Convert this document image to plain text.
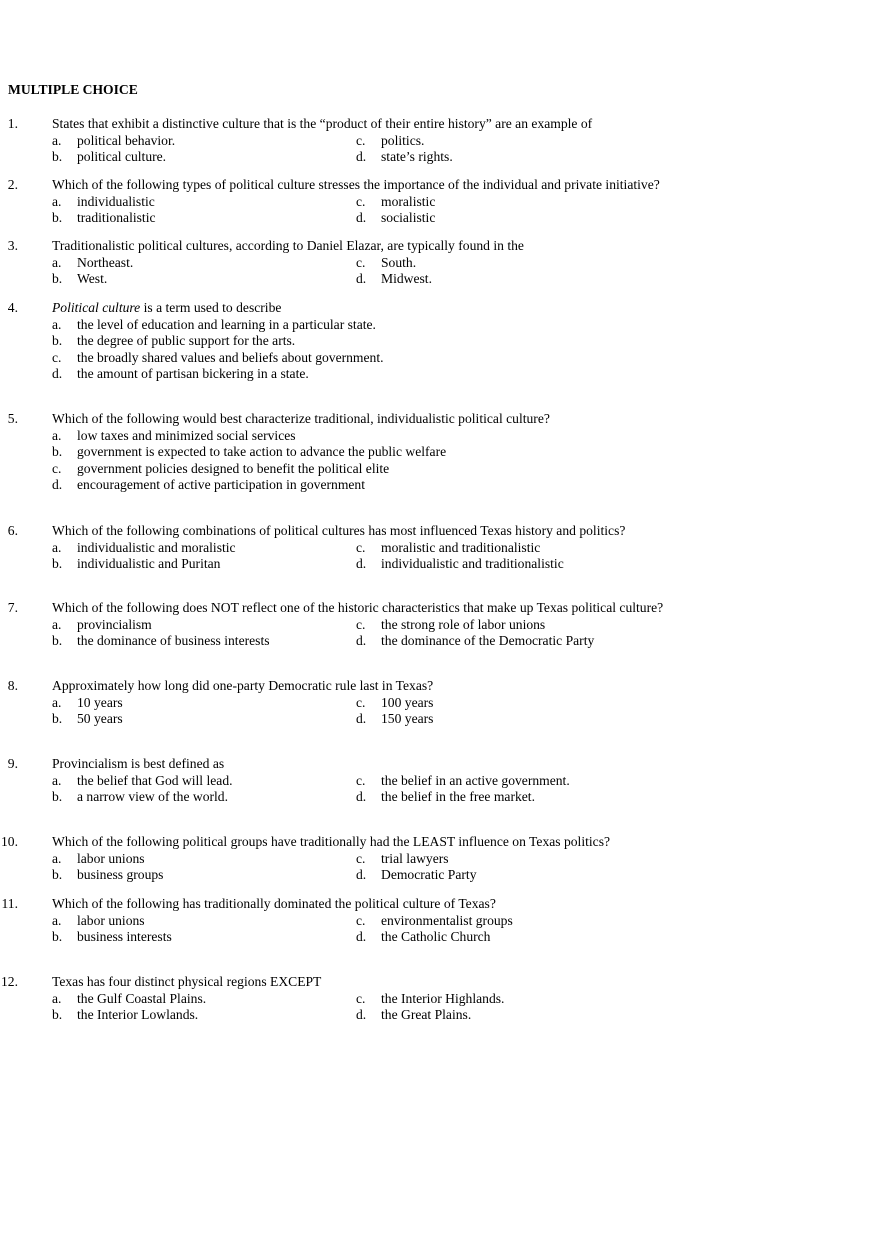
MULTIPLE CHOICE
1.	States that exhibit a distinctive culture that is the “product of their entire history” are an example of
a.	political behavior.	c.	politics.
b. political culture.	d. state’s rights.
2.	Which of the following types of political culture stresses the importance of the individual and private initiative?
a.	individualistic	c.	moralistic
b. traditionalistic	d. socialistic
3.	Traditionalistic political cultures, according to Daniel Elazar, are typically found in the
a.	Northeast.	c.	South.
b. West.	d. Midwest.
4.	Political culture is a term used to describe
a.	the level of education and learning in a particular state.
b. the degree of public support for the arts.
c.	the broadly shared values and beliefs about government.
d. the amount of partisan bickering in a state.
5.	Which of the following would best characterize traditional, individualistic political culture?
a.	low taxes and minimized social services
b. government is expected to take action to advance the public welfare
c.	government policies designed to benefit the political elite
d. encouragement of active participation in government
6.	Which of the following combinations of political cultures has most influenced Texas history and politics?
a.	individualistic and moralistic	c.	moralistic and traditionalistic
b. individualistic and Puritan	d. individualistic and traditionalistic
7.	Which of the following does NOT reflect one of the historic characteristics that make up Texas political culture?
a.	provincialism	c.	the strong role of labor unions
b. the dominance of business interests	d. the dominance of the Democratic Party
8.	Approximately how long did one-party Democratic rule last in Texas?
a.	10 years	c.	100 years
b. 50 years	d. 150 years
9.	Provincialism is best defined as
a.	the belief that God will lead.	c.	the belief in an active government.
b. a narrow view of the world.	d. the belief in the free market.
10.	Which of the following political groups have traditionally had the LEAST influence on Texas politics?
a.	labor unions	c.	trial lawyers
b. business groups	d. Democratic Party
11.	Which of the following has traditionally dominated the political culture of Texas?
a.	labor unions	c.	environmentalist groups
b. business interests	d. the Catholic Church
12.	Texas has four distinct physical regions EXCEPT
a.	the Gulf Coastal Plains.	c.	the Interior Highlands.
b. the Interior Lowlands.	d. the Great Plains.
